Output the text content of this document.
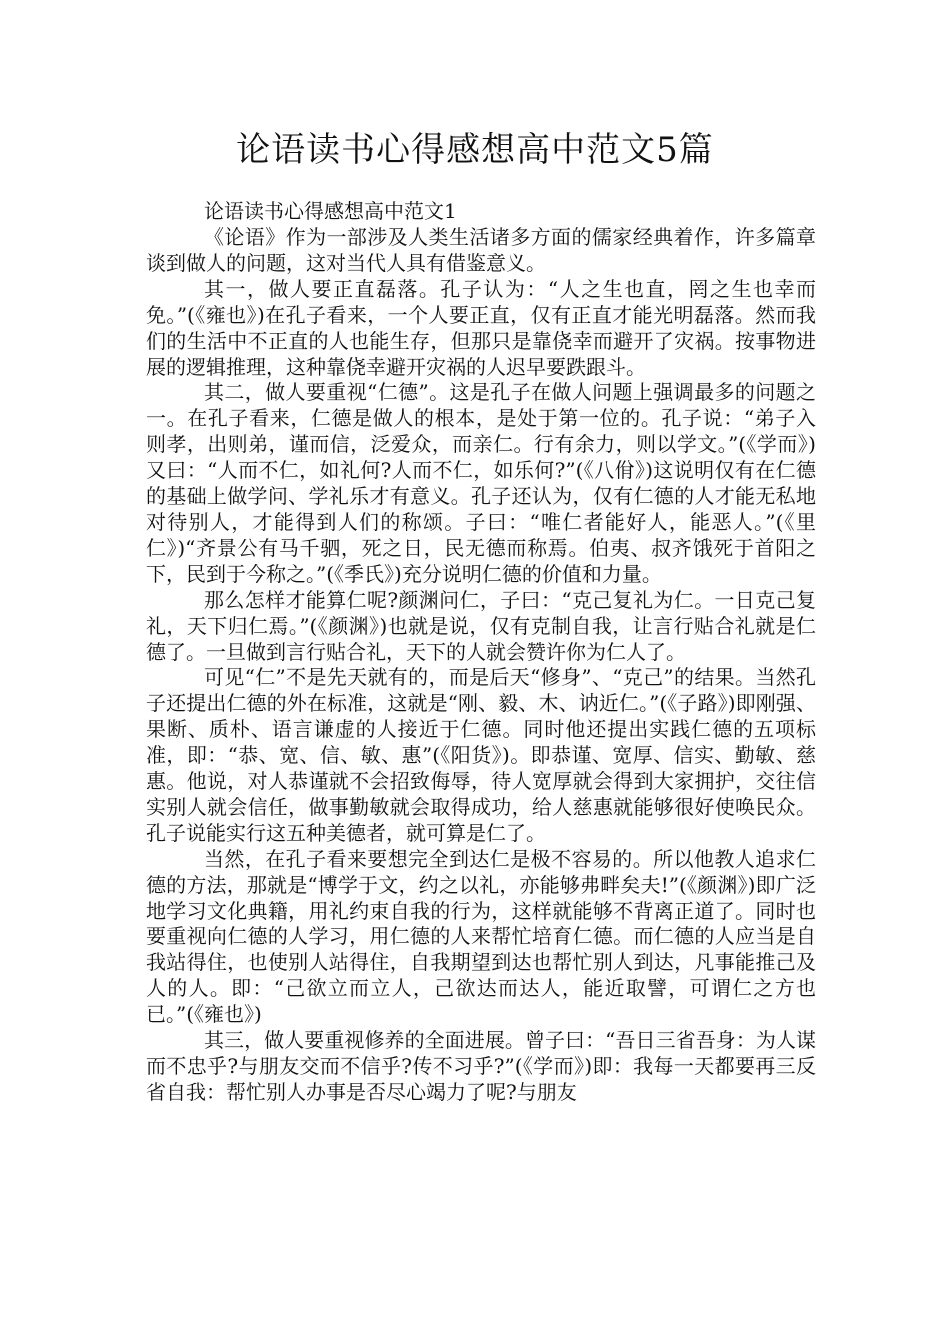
论语读书心得感想高中范文5篇

论语读书心得感想高中范文1

《论语》作为一部涉及人类生活诸多方面的儒家经典着作，许多篇章谈到做人的问题，这对当代人具有借鉴意义。

其一，做人要正直磊落。孔子认为：“人之生也直，罔之生也幸而免。”(《雍也》)在孔子看来，一个人要正直，仅有正直才能光明磊落。然而我们的生活中不正直的人也能生存，但那只是靠侥幸而避开了灾祸。按事物进展的逻辑推理，这种靠侥幸避开灾祸的人迟早要跌跟斗。

其二，做人要重视“仁德”。这是孔子在做人问题上强调最多的问题之一。在孔子看来，仁德是做人的根本，是处于第一位的。孔子说：“弟子入则孝，出则弟，谨而信，泛爱众，而亲仁。行有余力，则以学文。”(《学而》)又曰：“人而不仁，如礼何?人而不仁，如乐何?”(《八佾》)这说明仅有在仁德的基础上做学问、学礼乐才有意义。孔子还认为，仅有仁德的人才能无私地对待别人，才能得到人们的称颂。子曰：“唯仁者能好人，能恶人。”(《里仁》)“齐景公有马千驷，死之日，民无德而称焉。伯夷、叔齐饿死于首阳之下，民到于今称之。”(《季氏》)充分说明仁德的价值和力量。

那么怎样才能算仁呢?颜渊问仁，子曰：“克己复礼为仁。一日克己复礼，天下归仁焉。”(《颜渊》)也就是说，仅有克制自我，让言行贴合礼就是仁德了。一旦做到言行贴合礼，天下的人就会赞许你为仁人了。

可见“仁”不是先天就有的，而是后天“修身”、“克己”的结果。当然孔子还提出仁德的外在标准，这就是“刚、毅、木、讷近仁。”(《子路》)即刚强、果断、质朴、语言谦虚的人接近于仁德。同时他还提出实践仁德的五项标准，即：“恭、宽、信、敏、惠”(《阳货》)。即恭谨、宽厚、信实、勤敏、慈惠。他说，对人恭谨就不会招致侮辱，待人宽厚就会得到大家拥护，交往信实别人就会信任，做事勤敏就会取得成功，给人慈惠就能够很好使唤民众。孔子说能实行这五种美德者，就可算是仁了。

当然，在孔子看来要想完全到达仁是极不容易的。所以他教人追求仁德的方法，那就是“博学于文，约之以礼，亦能够弗畔矣夫!”(《颜渊》)即广泛地学习文化典籍，用礼约束自我的行为，这样就能够不背离正道了。同时也要重视向仁德的人学习，用仁德的人来帮忙培育仁德。而仁德的人应当是自我站得住，也使别人站得住，自我期望到达也帮忙别人到达，凡事能推己及人的人。即：“己欲立而立人，己欲达而达人，能近取譬，可谓仁之方也已。”(《雍也》)

其三，做人要重视修养的全面进展。曾子曰：“吾日三省吾身：为人谋而不忠乎?与朋友交而不信乎?传不习乎?”(《学而》)即：我每一天都要再三反省自我：帮忙别人办事是否尽心竭力了呢?与朋友
